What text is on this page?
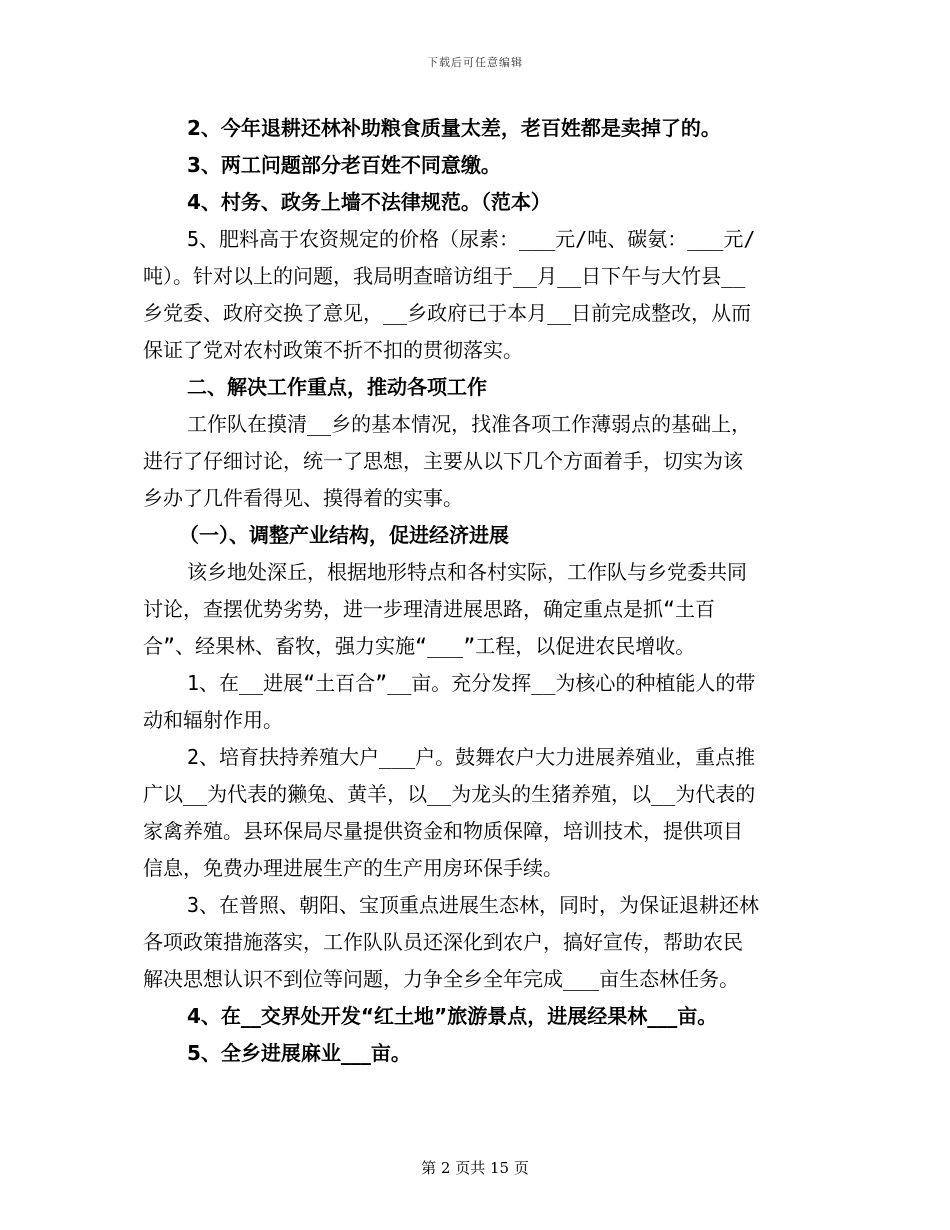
下载后可任意编辑

2、今年退耕还林补助粮食质量太差，老百姓都是卖掉了的。

3、两工问题部分老百姓不同意缴。

4、村务、政务上墙不法律规范。（范本）

5、肥料高于农资规定的价格（尿素：___元/吨、碳氨：___元/

吨）。针对以上的问题，我局明查暗访组于__月__日下午与大竹县__

乡党委、政府交换了意见，__乡政府已于本月__日前完成整改，从而

保证了党对农村政策不折不扣的贯彻落实。

二、解决工作重点，推动各项工作

工作队在摸清__乡的基本情况，找准各项工作薄弱点的基础上，

进行了仔细讨论，统一了思想，主要从以下几个方面着手，切实为该

乡办了几件看得见、摸得着的实事。

（一）、调整产业结构，促进经济进展

该乡地处深丘，根据地形特点和各村实际，工作队与乡党委共同

讨论，查摆优势劣势，进一步理清进展思路，确定重点是抓“土百

合”、经果林、畜牧，强力实施“___”工程，以促进农民增收。

1、在__进展“土百合”__亩。充分发挥__为核心的种植能人的带

动和辐射作用。

2、培育扶持养殖大户___户。鼓舞农户大力进展养殖业，重点推

广以__为代表的獭兔、黄羊，以__为龙头的生猪养殖，以__为代表的

家禽养殖。县环保局尽量提供资金和物质保障，培训技术，提供项目

信息，免费办理进展生产的生产用房环保手续。

3、在普照、朝阳、宝顶重点进展生态林，同时，为保证退耕还林

各项政策措施落实，工作队队员还深化到农户，搞好宣传，帮助农民

解决思想认识不到位等问题，力争全乡全年完成___亩生态林任务。

4、在__交界处开发“红土地”旅游景点，进展经果林___亩。

5、全乡进展麻业___亩。

第 2 页共 15 页
